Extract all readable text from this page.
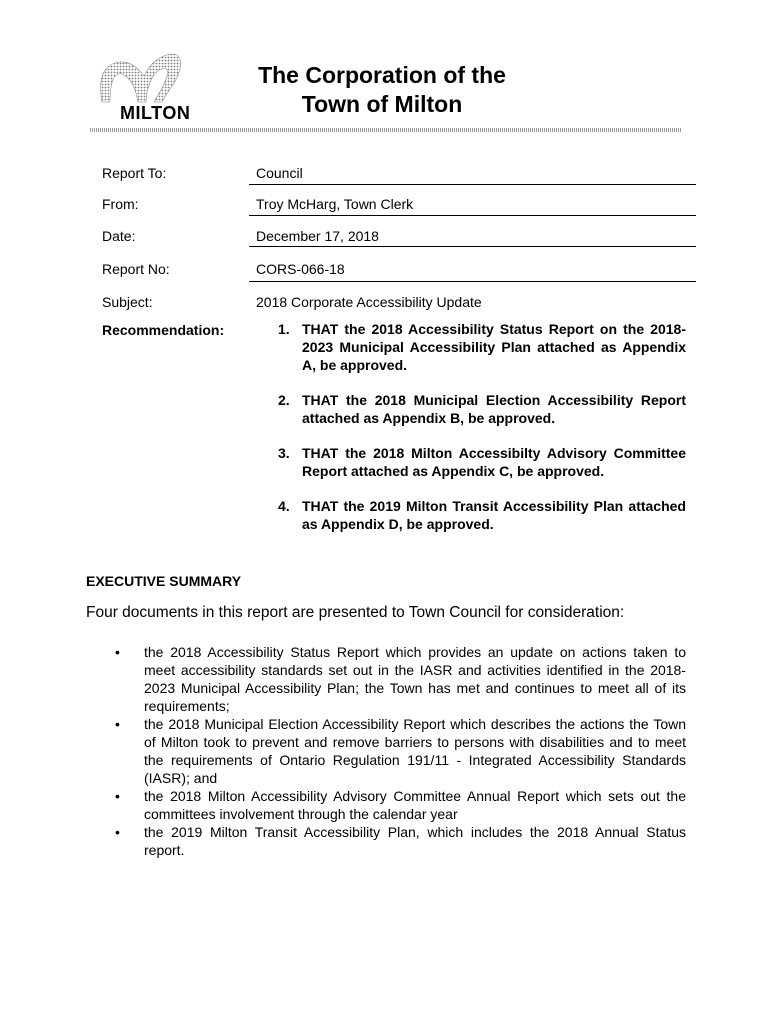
MILTON
The Corporation of the
Town of Milton
Report To:	Council
From:	Troy McHarg, Town Clerk
Date:	December 17, 2018
Report No:	CORS-066-18
Subject:	2018 Corporate Accessibility Update
Recommendation:	1. THAT the 2018 Accessibility Status Report on the 2018-2023 Municipal Accessibility Plan attached as Appendix A, be approved.
2. THAT the 2018 Municipal Election Accessibility Report attached as Appendix B, be approved.
3. THAT the 2018 Milton Accessibilty Advisory Committee Report attached as Appendix C, be approved.
4. THAT the 2019 Milton Transit Accessibility Plan attached as Appendix D, be approved.
EXECUTIVE SUMMARY
Four documents in this report are presented to Town Council for consideration:
• the 2018 Accessibility Status Report which provides an update on actions taken to meet accessibility standards set out in the IASR and activities identified in the 2018-2023 Municipal Accessibility Plan; the Town has met and continues to meet all of its requirements;
• the 2018 Municipal Election Accessibility Report which describes the actions the Town of Milton took to prevent and remove barriers to persons with disabilities and to meet the requirements of Ontario Regulation 191/11 - Integrated Accessibility Standards (IASR); and
• the 2018 Milton Accessibility Advisory Committee Annual Report which sets out the committees involvement through the calendar year
• the 2019 Milton Transit Accessibility Plan, which includes the 2018 Annual Status report.
